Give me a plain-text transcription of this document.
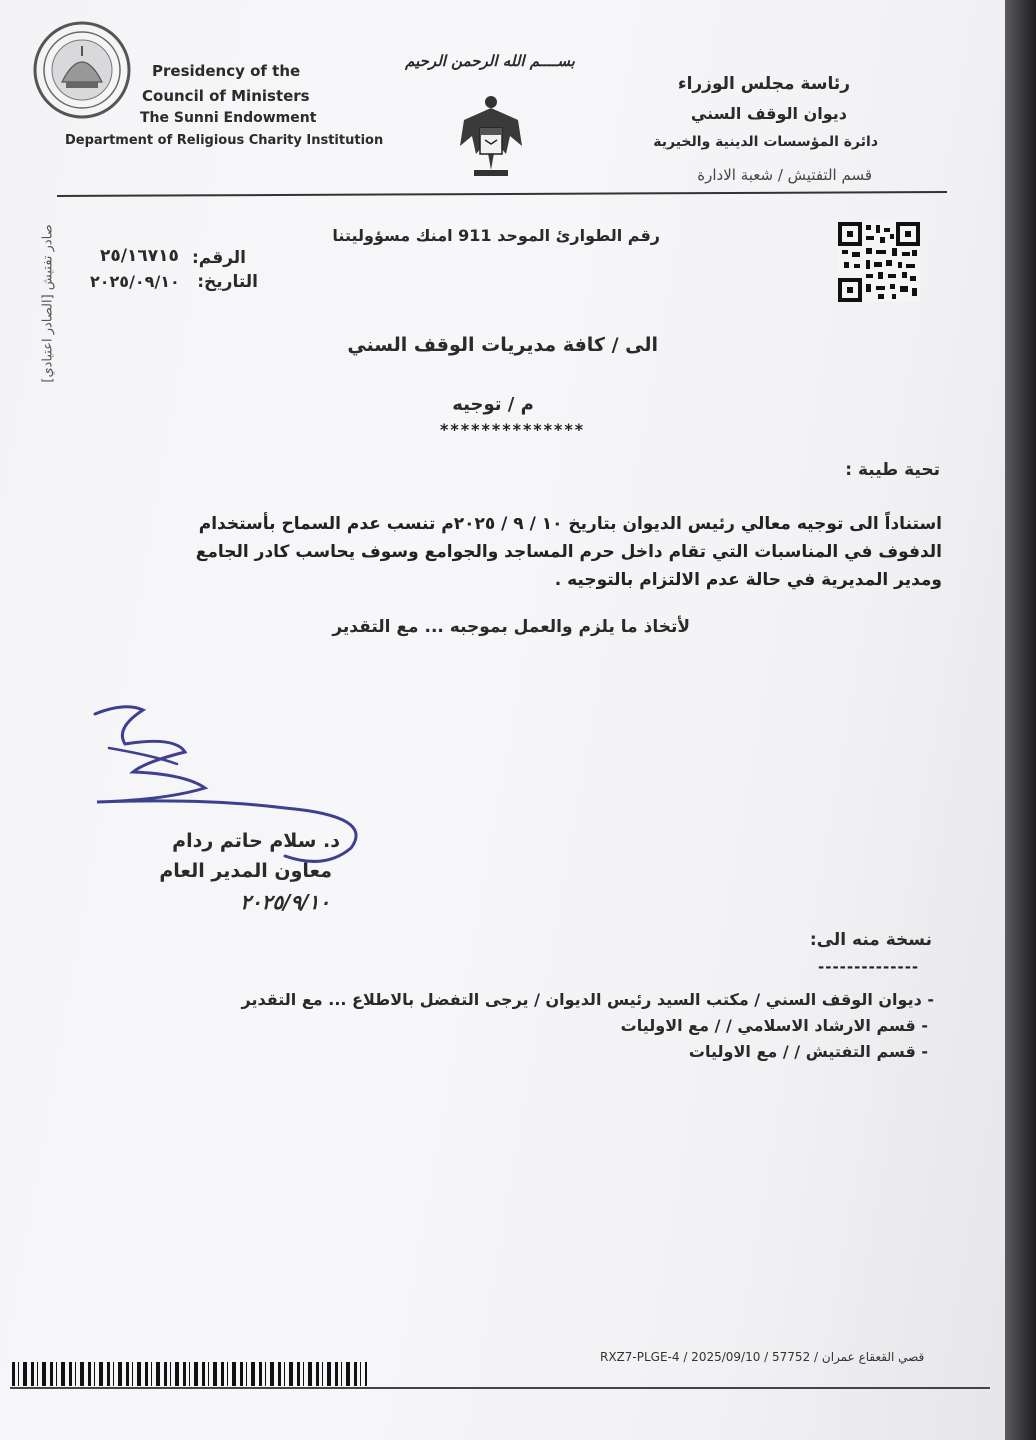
Presidency of the
Council of Ministers
The Sunni Endowment
Department of Religious Charity Institution
بســــم الله الرحمن الرحيم
رئاسة مجلس الوزراء
ديوان الوقف السني
دائرة المؤسسات الدينية والخيرية
قسم التفتيش / شعبة الادارة
صادر تفتيش [الصادر اعتيادي]	رقم الطوارئ الموحد 911 امنك مسؤوليتنا
الرقم:
٢٥/١٦٧١٥
التاريخ:
٢٠٢٥/٠٩/١٠
الى / كافة مديريات الوقف السني
م / توجيه
**************
تحية طيبة :
استناداً الى توجيه معالي رئيس الديوان بتاريخ ١٠ / ٩ / ٢٠٢٥م تنسب عدم السماح بأستخدام الدفوف في المناسبات التي تقام داخل حرم المساجد والجوامع وسوف يحاسب كادر الجامع ومدير المديرية في حالة عدم الالتزام بالتوجيه .
لأتخاذ ما يلزم والعمل بموجبه ... مع التقدير
د. سلام حاتم ردام
معاون المدير العام
٢٠٢٥/٩/١٠
نسخة منه الى:
--------------
- ديوان الوقف السني / مكتب السيد رئيس الديوان / يرجى التفضل بالاطلاع ... مع التقدير
- قسم الارشاد الاسلامي / / مع الاوليات
- قسم التفتيش / / مع الاوليات
RXZ7-PLGE-4 / 2025/09/10 / قصي القعقاع عمران / 57752
